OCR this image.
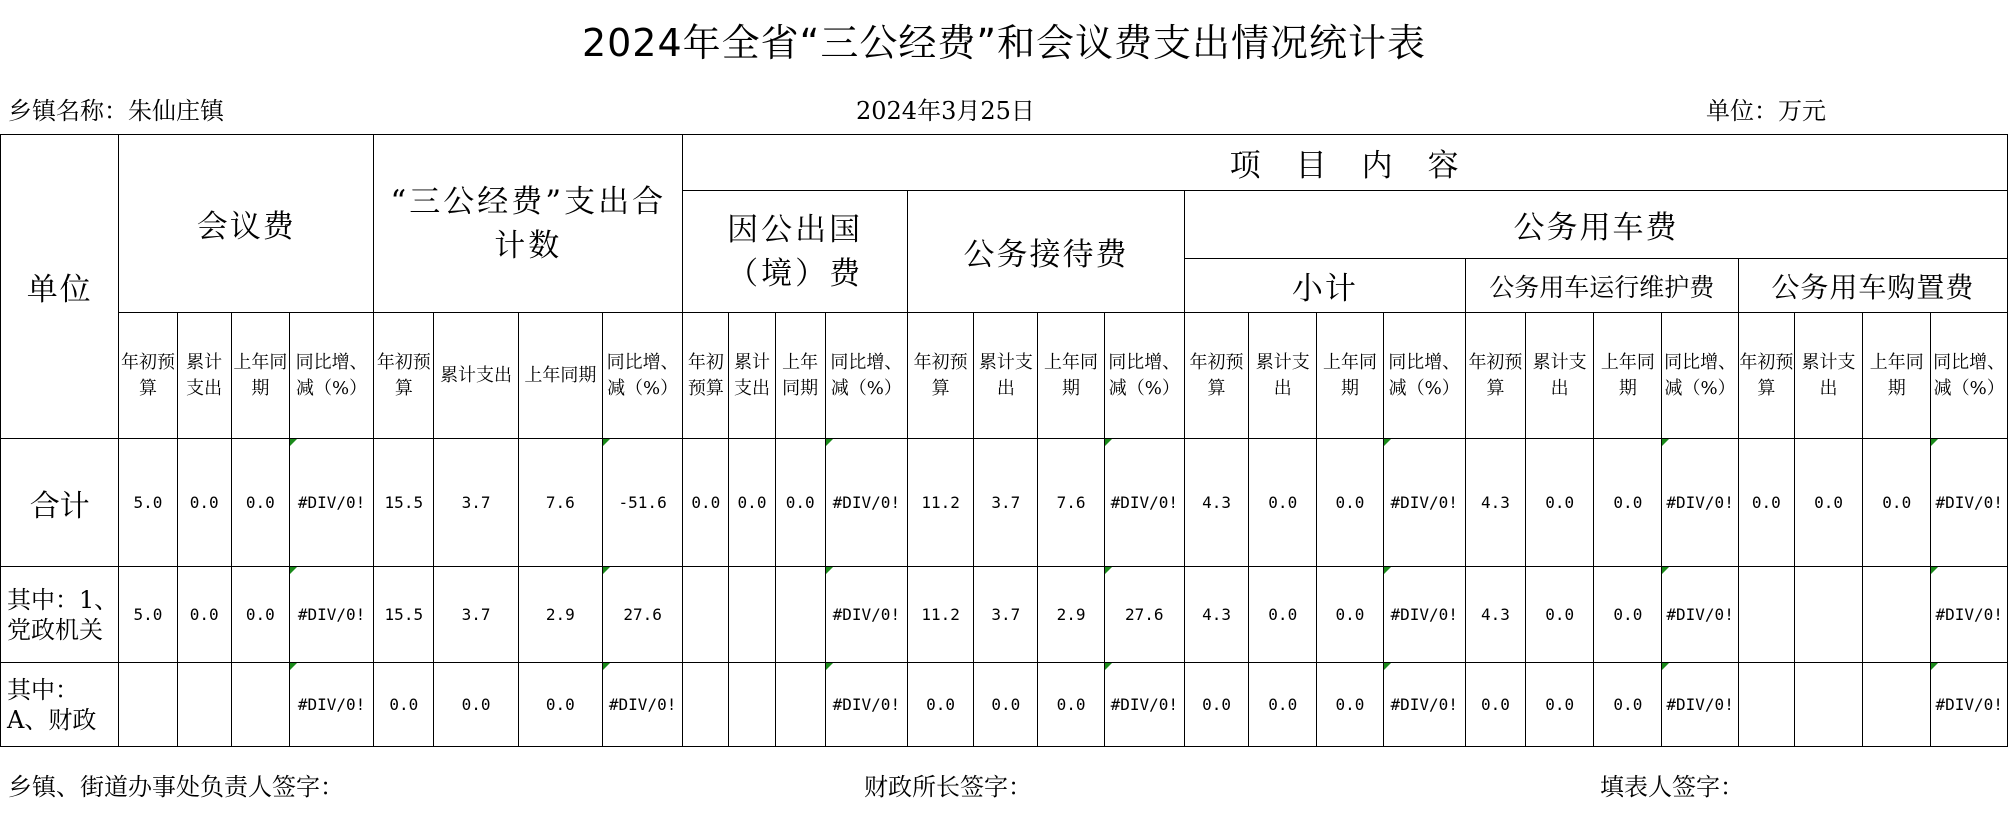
2024年全省“三公经费”和会议费支出情况统计表
乡镇名称：朱仙庄镇	2024年3月25日	单位：万元
单位	会议费				“三公经费”支出合计数				项　目　内　容																			
									因公出国（境）费				公务接待费				公务用车费											
																	小计				公务用车运行维护费				公务用车购置费			
	年初预算	累计支出	上年同期	同比增、减（%）	年初预算	累计支出	上年同期	同比增、减（%）	年初预算	累计支出	上年同期	同比增、减（%）	年初预算	累计支出	上年同期	同比增、减（%）	年初预算	累计支出	上年同期	同比增、减（%）	年初预算	累计支出	上年同期	同比增、减（%）	年初预算	累计支出	上年同期	同比增、减（%）
合计	5.0	0.0	0.0	#DIV/0!	15.5	3.7	7.6	-51.6	0.0	0.0	0.0	#DIV/0!	11.2	3.7	7.6	#DIV/0!	4.3	0.0	0.0	#DIV/0!	4.3	0.0	0.0	#DIV/0!	0.0	0.0	0.0	#DIV/0!
其中：1、党政机关	5.0	0.0	0.0	#DIV/0!	15.5	3.7	2.9	27.6				#DIV/0!	11.2	3.7	2.9	27.6	4.3	0.0	0.0	#DIV/0!	4.3	0.0	0.0	#DIV/0!				#DIV/0!
其中：A、财政				#DIV/0!	0.0	0.0	0.0	#DIV/0!				#DIV/0!	0.0	0.0	0.0	#DIV/0!	0.0	0.0	0.0	#DIV/0!	0.0	0.0	0.0	#DIV/0!				#DIV/0!
乡镇、街道办事处负责人签字：	财政所长签字：	填表人签字：
